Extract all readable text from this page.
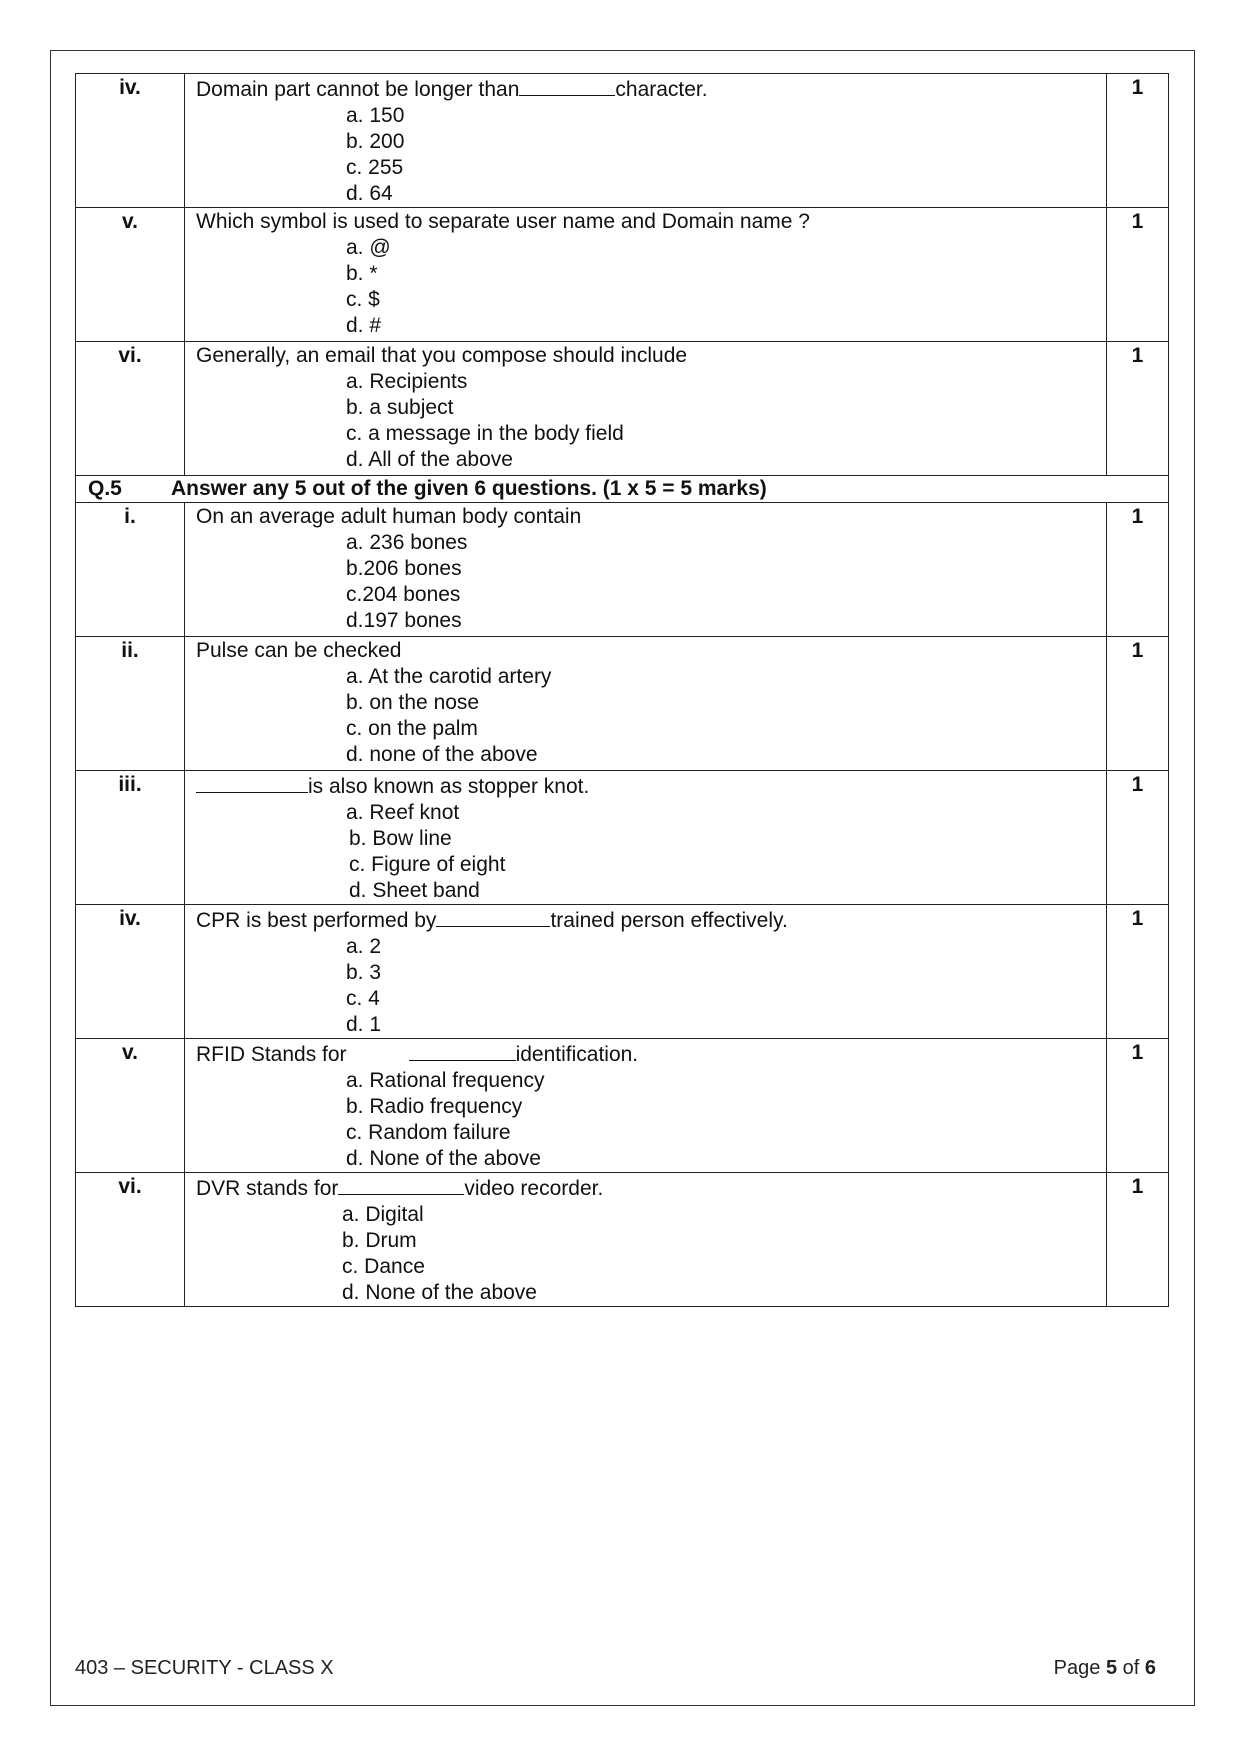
iv.	Domain part cannot be longer than character.
a. 150
b. 200
c. 255
d. 64	1
v.	Which symbol is used to separate user name and Domain name ?
a. @
b. *
c. $
d. #	1
vi.	Generally, an email that you compose should include
a. Recipients
b. a subject
c. a message in the body field
d. All of the above	1
Q.5 Answer any 5 out of the given 6 questions. (1 x 5 = 5 marks)		
i.	On an average adult human body contain
a. 236 bones
b.206 bones
c.204 bones
d.197 bones	1
ii.	Pulse can be checked
a. At the carotid artery
b. on the nose
c. on the palm
d. none of the above	1
iii.	is also known as stopper knot.
a. Reef knot
b. Bow line
c. Figure of eight
d. Sheet band	1
iv.	CPR is best performed by trained person effectively.
a. 2
b. 3
c. 4
d. 1	1
v.	RFID Stands for identification.
a. Rational frequency
b. Radio frequency
c. Random failure
d. None of the above	1
vi.	DVR stands for video recorder.
a. Digital
b. Drum
c. Dance
d. None of the above	1
403 – SECURITY - CLASS X	Page 5 of 6
